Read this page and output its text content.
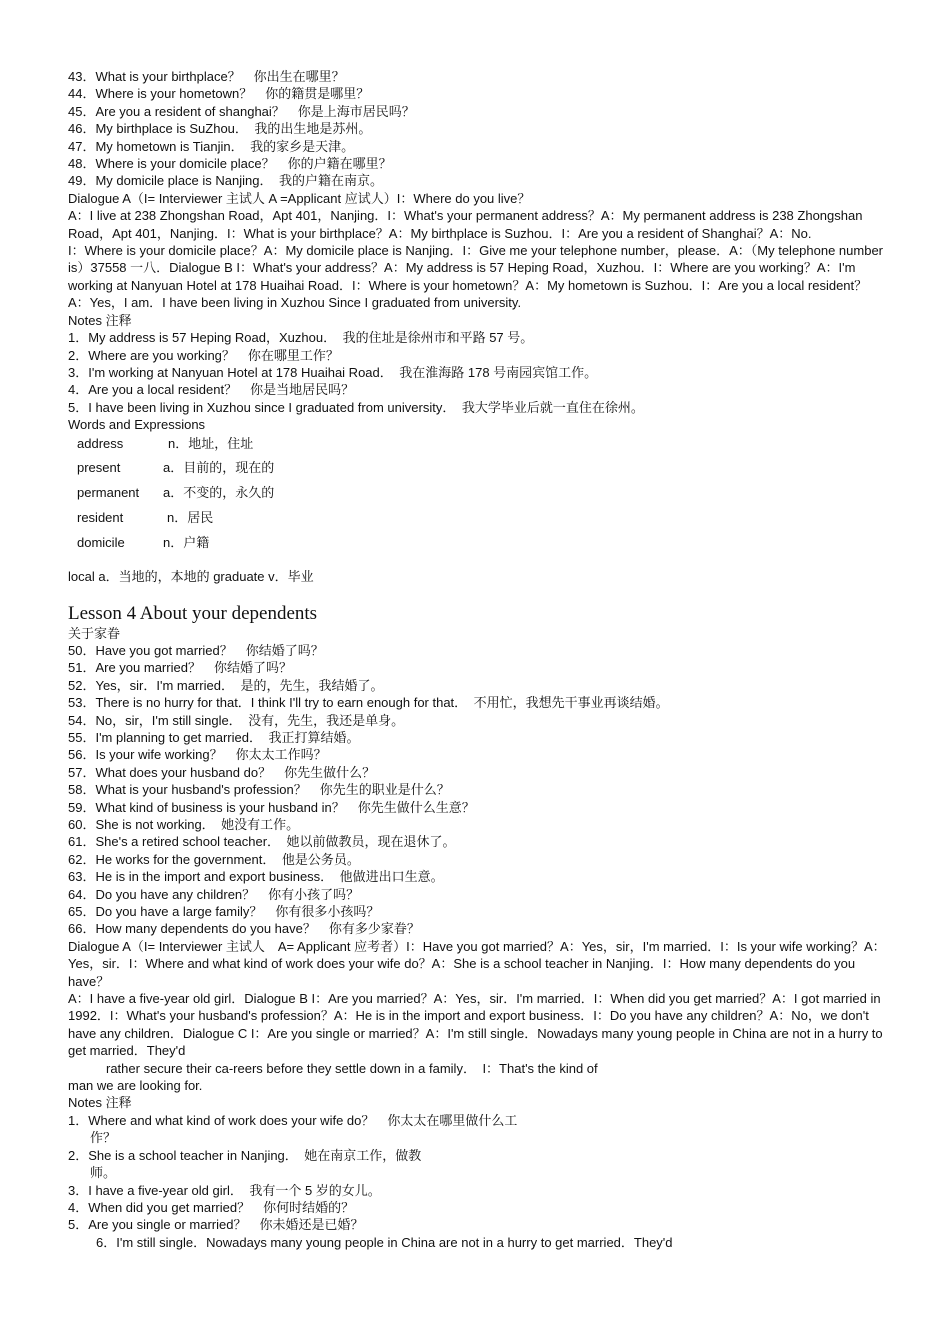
43．What is your birthplace？　你出生在哪里？
44．Where is your hometown？　你的籍贯是哪里？
45．Are you a resident of shanghai？　你是上海市居民吗？
46．My birthplace is SuZhou．　我的出生地是苏州。
47．My hometown is Tianjin．　我的家乡是天津。
48．Where is your domicile place？　你的户籍在哪里？
49．My domicile place is Nanjing．　我的户籍在南京。
Dialogue A（I= Interviewer 主试人 A =Applicant 应试人）I：Where do you live？
A：I live at 238 Zhongshan Road，Apt 401，Nanjing．I：What's your permanent address？A：My permanent address is 238 Zhongshan Road，Apt 401，Nanjing．I：What is your birthplace？A：My birthplace is Suzhou．I：Are you a resident of Shanghai？A：No.
I：Where is your domicile place？A：My domicile place is Nanjing．I：Give me your telephone number，please．A：（My telephone number is）37558 一八．Dialogue B I：What's your address？A：My address is 57 Heping Road，Xuzhou．I：Where are you working？A：I'm working at Nanyuan Hotel at 178 Huaihai Road．I：Where is your hometown？A：My hometown is Suzhou．I：Are you a local resident？A：Yes，I am．I have been living in Xuzhou Since I graduated from university.
Notes 注释
1．My address is 57 Heping Road，Xuzhou．　我的住址是徐州市和平路 57 号。
2．Where are you working？　你在哪里工作？
3．I'm working at Nanyuan Hotel at 178 Huaihai Road．　我在淮海路 178 号南园宾馆工作。
4．Are you a local resident？　你是当地居民吗？
5．I have been living in Xuzhou since I graduated from university．　我大学毕业后就一直住在徐州。
Words and Expressions
address	n．地址，住址
present	a．目前的，现在的
permanent	a．不变的，永久的
resident	n．居民
domicile	n．户籍
local a．当地的，本地的 graduate v．毕业
Lesson 4 About your dependents
关于家眷
50．Have you got married？　你结婚了吗？
51．Are you married？　你结婚了吗？
52．Yes，sir．I'm married．　是的，先生，我结婚了。
53．There is no hurry for that．I think I'll try to earn enough for that．　不用忙，我想先干事业再谈结婚。
54．No，sir，I'm still single．　没有，先生，我还是单身。
55．I'm planning to get married．　我正打算结婚。
56．Is your wife working？　你太太工作吗？
57．What does your husband do？　你先生做什么？
58．What is your husband's profession？　你先生的职业是什么？
59．What kind of business is your husband in？　你先生做什么生意？
60．She is not working．　她没有工作。
61．She's a retired school teacher．　她以前做教员，现在退休了。
62．He works for the government．　他是公务员。
63．He is in the import and export business．　他做进出口生意。
64．Do you have any children？　你有小孩了吗？
65．Do you have a large family？　你有很多小孩吗？
66．How many dependents do you have？　你有多少家眷？
Dialogue A（I= Interviewer 主试人　A= Applicant 应考者）I：Have you got married？A：Yes，sir，I'm married．I：Is your wife working？A：Yes，sir．I：Where and what kind of work does your wife do？A：She is a school teacher in Nanjing．I：How many dependents do you have？
A：I have a five-year old girl．Dialogue B I：Are you married？A：Yes，sir．I'm married．I：When did you get married？A：I got married in 1992．I：What's your husband's profession？A：He is in the import and export business．I：Do you have any children？A：No，we don't have any children．Dialogue C I：Are you single or married？A：I'm still single．Nowadays many young people in China are not in a hurry to get married．They'd
rather secure their ca-reers before they settle down in a family．　I：That's the kind of
man we are looking for.
Notes 注释
1．Where and what kind of work does your wife do？　你太太在哪里做什么工
作？
2．She is a school teacher in Nanjing．　她在南京工作，做教
师。
3．I have a five-year old girl．　我有一个 5 岁的女儿。
4．When did you get married？　你何时结婚的？
5．Are you single or married？　你未婚还是已婚？
6．I'm still single．Nowadays many young people in China are not in a hurry to get married．They'd
